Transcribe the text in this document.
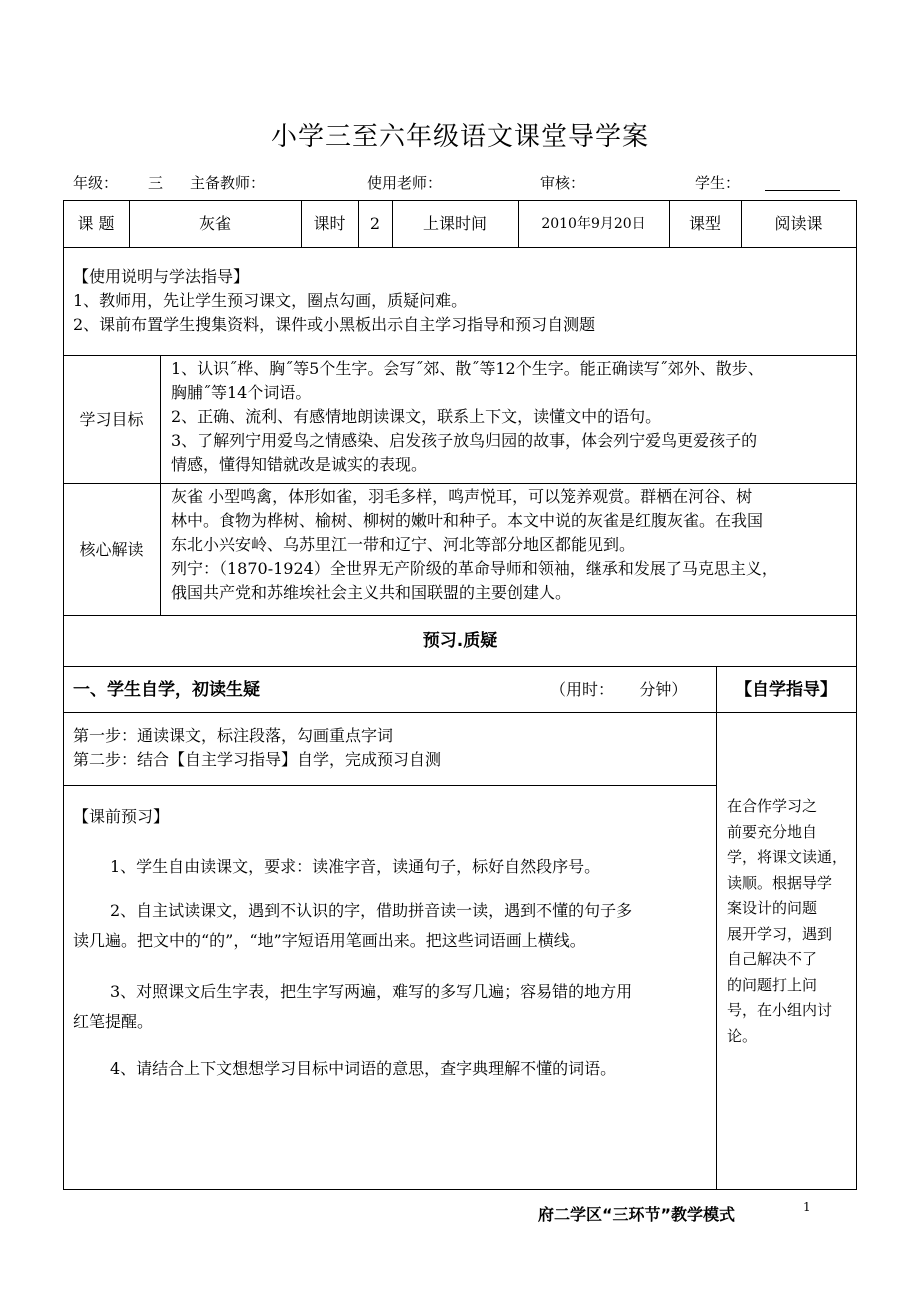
小学三至六年级语文课堂导学案
年级： 三 主备教师：	使用老师：	审核：	学生：
课 题	灰雀	课时	2	上课时间	2010年9月20日	课型	阅读课
【使用说明与学法指导】
1、教师用，先让学生预习课文，圈点勾画，质疑问难。
2、课前布置学生搜集资料，课件或小黑板出示自主学习指导和预习自测题
学习目标
1、认识˝桦、胸˝等5个生字。会写˝郊、散˝等12个生字。能正确读写˝郊外、散步、
胸脯˝等14个词语。
2、正确、流利、有感情地朗读课文，联系上下文，读懂文中的语句。
3、了解列宁用爱鸟之情感染、启发孩子放鸟归园的故事，体会列宁爱鸟更爱孩子的
情感，懂得知错就改是诚实的表现。
核心解读
灰雀 小型鸣禽，体形如雀，羽毛多样，鸣声悦耳，可以笼养观赏。群栖在河谷、树
林中。食物为桦树、榆树、柳树的嫩叶和种子。本文中说的灰雀是红腹灰雀。在我国
东北小兴安岭、乌苏里江一带和辽宁、河北等部分地区都能见到。
列宁：（1870-1924）全世界无产阶级的革命导师和领袖，继承和发展了马克思主义，
俄国共产党和苏维埃社会主义共和国联盟的主要创建人。
预习.质疑
一、学生自学，初读生疑	（用时：     分钟）	【自学指导】
第一步：通读课文，标注段落，勾画重点字词
第二步：结合【自主学习指导】自学，完成预习自测
【课前预习】
1、学生自由读课文，要求：读准字音，读通句子，标好自然段序号。
2、自主试读课文，遇到不认识的字，借助拼音读一读，遇到不懂的句子多
读几遍。把文中的“的”，“地”字短语用笔画出来。把这些词语画上横线。
3、对照课文后生字表，把生字写两遍，难写的多写几遍；容易错的地方用
红笔提醒。
4、请结合上下文想想学习目标中词语的意思，查字典理解不懂的词语。
在合作学习之
前要充分地自
学，将课文读通，
读顺。根据导学
案设计的问题
展开学习，遇到
自己解决不了
的问题打上问
号，在小组内讨
论。
府二学区“三环节”教学模式	1
